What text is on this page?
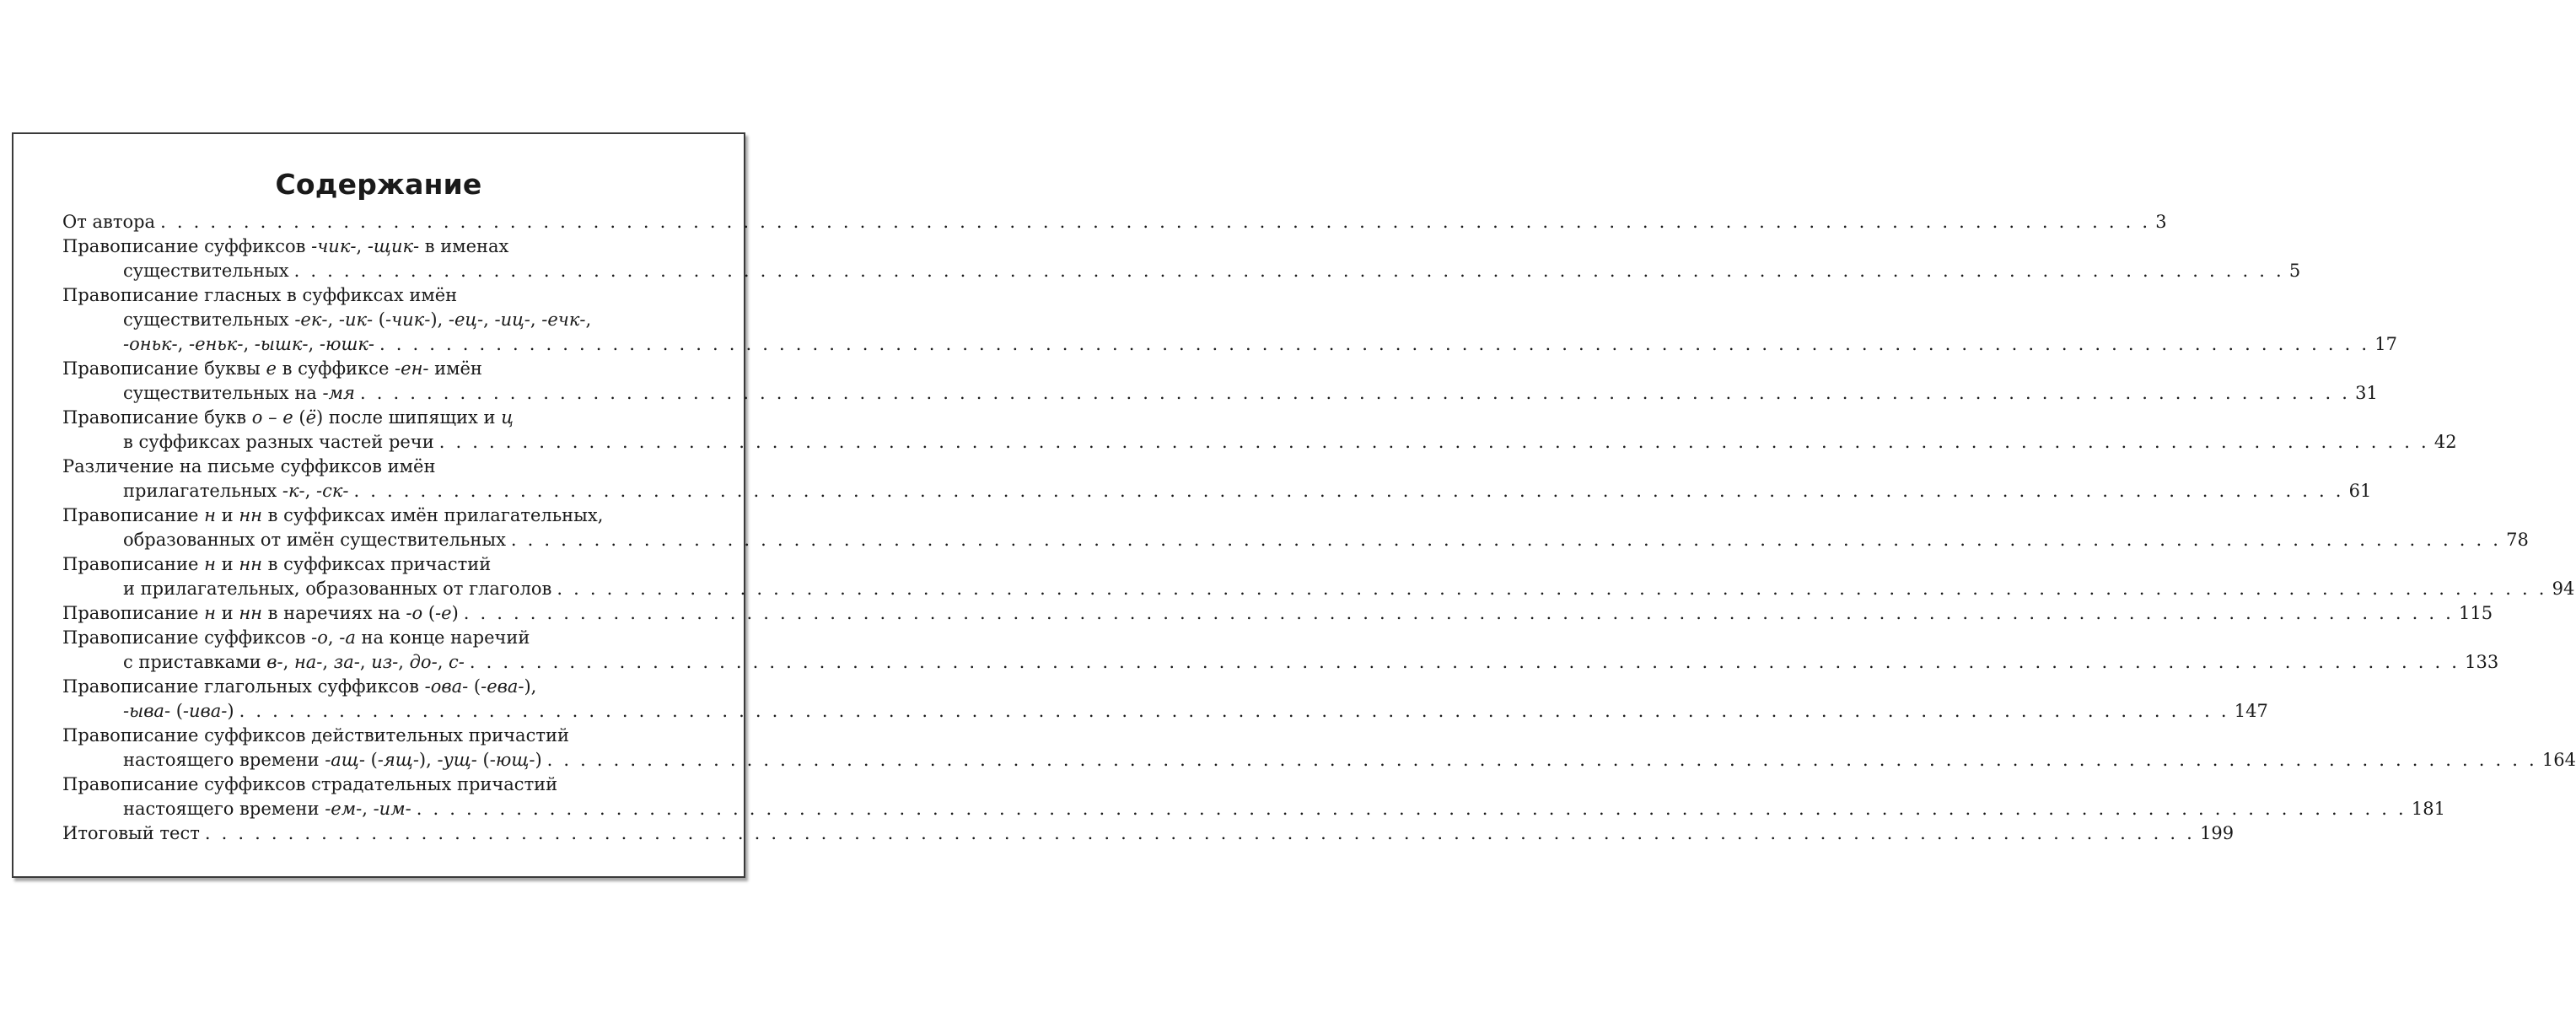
Содержание
От автора . . . . . . . . . . . . . . . . . . . . . . . . . . . . . . . . . . . . . . . . . . . . . . . . . . . . . . . . . . . . . . . . . . . . . . . . . . . . . . . . . . . . . . . . . . . . . . . . . . . . . . . . . . . . . . . . . . . . . . . . 3
Правописание суффиксов -чик-, -щик- в именах
существительных . . . . . . . . . . . . . . . . . . . . . . . . . . . . . . . . . . . . . . . . . . . . . . . . . . . . . . . . . . . . . . . . . . . . . . . . . . . . . . . . . . . . . . . . . . . . . . . . . . . . . . . . . . . . . . . . . . . . . . . . 5
Правописание гласных в суффиксах имён
существительных -ек-, -ик- (-чик-), -ец-, -иц-, -ечк-,
-оньк-, -еньк-, -ышк-, -юшк- . . . . . . . . . . . . . . . . . . . . . . . . . . . . . . . . . . . . . . . . . . . . . . . . . . . . . . . . . . . . . . . . . . . . . . . . . . . . . . . . . . . . . . . . . . . . . . . . . . . . . . . . . . . . . . . . . . . . . . . . 17
Правописание буквы е в суффиксе -ен- имён
существительных на -мя . . . . . . . . . . . . . . . . . . . . . . . . . . . . . . . . . . . . . . . . . . . . . . . . . . . . . . . . . . . . . . . . . . . . . . . . . . . . . . . . . . . . . . . . . . . . . . . . . . . . . . . . . . . . . . . . . . . . . . . . 31
Правописание букв о – е (ё) после шипящих и ц
в суффиксах разных частей речи . . . . . . . . . . . . . . . . . . . . . . . . . . . . . . . . . . . . . . . . . . . . . . . . . . . . . . . . . . . . . . . . . . . . . . . . . . . . . . . . . . . . . . . . . . . . . . . . . . . . . . . . . . . . . . . . . . . . . . . . 42
Различение на письме суффиксов имён
прилагательных -к-, -ск- . . . . . . . . . . . . . . . . . . . . . . . . . . . . . . . . . . . . . . . . . . . . . . . . . . . . . . . . . . . . . . . . . . . . . . . . . . . . . . . . . . . . . . . . . . . . . . . . . . . . . . . . . . . . . . . . . . . . . . . . 61
Правописание н и нн в суффиксах имён прилагательных,
образованных от имён существительных . . . . . . . . . . . . . . . . . . . . . . . . . . . . . . . . . . . . . . . . . . . . . . . . . . . . . . . . . . . . . . . . . . . . . . . . . . . . . . . . . . . . . . . . . . . . . . . . . . . . . . . . . . . . . . . . . . . . . . . . 78
Правописание н и нн в суффиксах причастий
и прилагательных, образованных от глаголов . . . . . . . . . . . . . . . . . . . . . . . . . . . . . . . . . . . . . . . . . . . . . . . . . . . . . . . . . . . . . . . . . . . . . . . . . . . . . . . . . . . . . . . . . . . . . . . . . . . . . . . . . . . . . . . . . . . . . . . . 94
Правописание н и нн в наречиях на -о (-е) . . . . . . . . . . . . . . . . . . . . . . . . . . . . . . . . . . . . . . . . . . . . . . . . . . . . . . . . . . . . . . . . . . . . . . . . . . . . . . . . . . . . . . . . . . . . . . . . . . . . . . . . . . . . . . . . . . . . . . . . 115
Правописание суффиксов -о, -а на конце наречий
с приставками в-, на-, за-, из-, до-, с- . . . . . . . . . . . . . . . . . . . . . . . . . . . . . . . . . . . . . . . . . . . . . . . . . . . . . . . . . . . . . . . . . . . . . . . . . . . . . . . . . . . . . . . . . . . . . . . . . . . . . . . . . . . . . . . . . . . . . . . . 133
Правописание глагольных суффиксов -ова- (-ева-),
-ыва- (-ива-) . . . . . . . . . . . . . . . . . . . . . . . . . . . . . . . . . . . . . . . . . . . . . . . . . . . . . . . . . . . . . . . . . . . . . . . . . . . . . . . . . . . . . . . . . . . . . . . . . . . . . . . . . . . . . . . . . . . . . . . . 147
Правописание суффиксов действительных причастий
настоящего времени -ащ- (-ящ-), -ущ- (-ющ-) . . . . . . . . . . . . . . . . . . . . . . . . . . . . . . . . . . . . . . . . . . . . . . . . . . . . . . . . . . . . . . . . . . . . . . . . . . . . . . . . . . . . . . . . . . . . . . . . . . . . . . . . . . . . . . . . . . . . . . . . 164
Правописание суффиксов страдательных причастий
настоящего времени -ем-, -им- . . . . . . . . . . . . . . . . . . . . . . . . . . . . . . . . . . . . . . . . . . . . . . . . . . . . . . . . . . . . . . . . . . . . . . . . . . . . . . . . . . . . . . . . . . . . . . . . . . . . . . . . . . . . . . . . . . . . . . . . 181
Итоговый тест . . . . . . . . . . . . . . . . . . . . . . . . . . . . . . . . . . . . . . . . . . . . . . . . . . . . . . . . . . . . . . . . . . . . . . . . . . . . . . . . . . . . . . . . . . . . . . . . . . . . . . . . . . . . . . . . . . . . . . . . 199
